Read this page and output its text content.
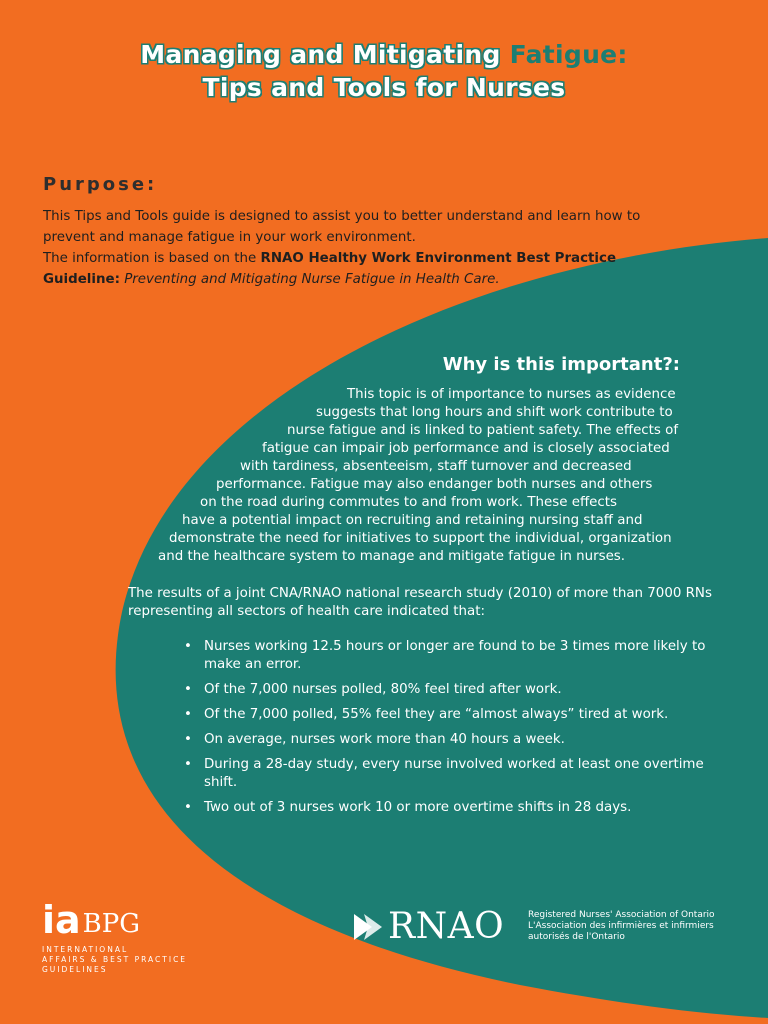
Managing and Mitigating Fatigue:
Tips and Tools for Nurses
Purpose:

This Tips and Tools guide is designed to assist you to better understand and learn how to prevent and manage fatigue in your work environment.

The information is based on the RNAO Healthy Work Environment Best Practice Guideline: Preventing and Mitigating Nurse Fatigue in Health Care.

Why is this important?:
This topic is of importance to nurses as evidence
suggests that long hours and shift work contribute to
nurse fatigue and is linked to patient safety. The effects of
fatigue can impair job performance and is closely associated
with tardiness, absenteeism, staff turnover and decreased
performance. Fatigue may also endanger both nurses and others
on the road during commutes to and from work. These effects
have a potential impact on recruiting and retaining nursing staff and
demonstrate the need for initiatives to support the individual, organization
and the healthcare system to manage and mitigate fatigue in nurses.

The results of a joint CNA/RNAO national research study (2010) of more than 7000 RNs representing all sectors of health care indicated that:

• Nurses working 12.5 hours or longer are found to be 3 times more likely to make an error.
• Of the 7,000 nurses polled, 80% feel tired after work.
• Of the 7,000 polled, 55% feel they are “almost always” tired at work.
• On average, nurses work more than 40 hours a week.
• During a 28-day study, every nurse involved worked at least one overtime shift.
• Two out of 3 nurses work 10 or more overtime shifts in 28 days.
iaBPG
INTERNATIONAL
AFFAIRS & BEST PRACTICE
GUIDELINES
RNAO	Registered Nurses' Association of Ontario
L'Association des infirmières et infirmiers
autorisés de l'Ontario
